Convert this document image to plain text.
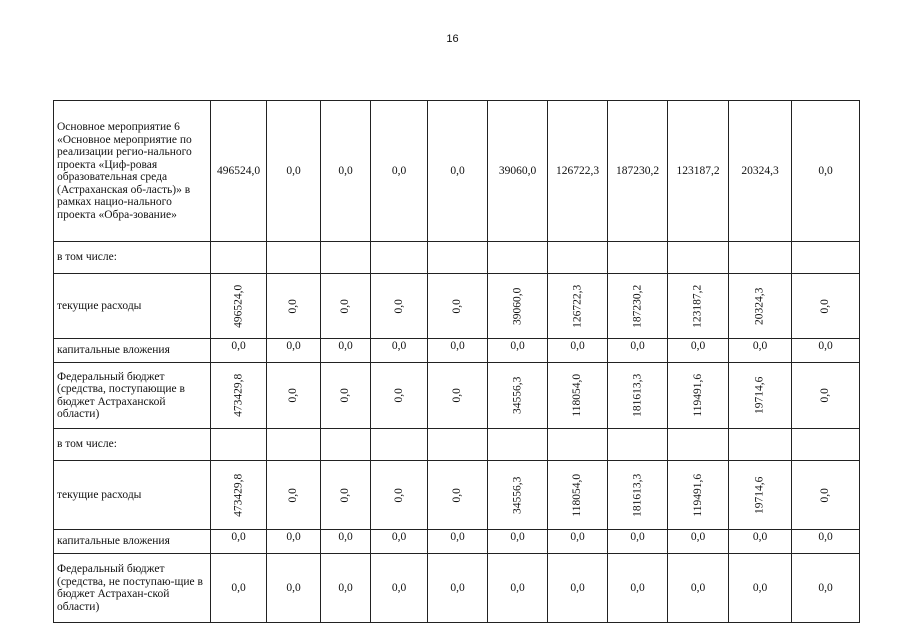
16
Основное мероприятие 6 «Основное мероприятие по реализации регио-нального проекта «Циф-ровая образовательная среда (Астраханская об-ласть)» в рамках нацио-нального проекта «Обра-зование»	496524,0	0,0	0,0	0,0	0,0	39060,0	126722,3	187230,2	123187,2	20324,3	0,0
в том числе:											
текущие расходы	496524,0	0,0	0,0	0,0	0,0	39060,0	126722,3	187230,2	123187,2	20324,3	0,0
капитальные вложения	0,0	0,0	0,0	0,0	0,0	0,0	0,0	0,0	0,0	0,0	0,0
Федеральный бюджет (средства, поступающие в бюджет Астраханской области)	473429,8	0,0	0,0	0,0	0,0	34556,3	118054,0	181613,3	119491,6	19714,6	0,0
в том числе:											
текущие расходы	473429,8	0,0	0,0	0,0	0,0	34556,3	118054,0	181613,3	119491,6	19714,6	0,0
капитальные вложения	0,0	0,0	0,0	0,0	0,0	0,0	0,0	0,0	0,0	0,0	0,0
Федеральный бюджет (средства, не поступаю-щие в бюджет Астрахан-ской области)	0,0	0,0	0,0	0,0	0,0	0,0	0,0	0,0	0,0	0,0	0,0
